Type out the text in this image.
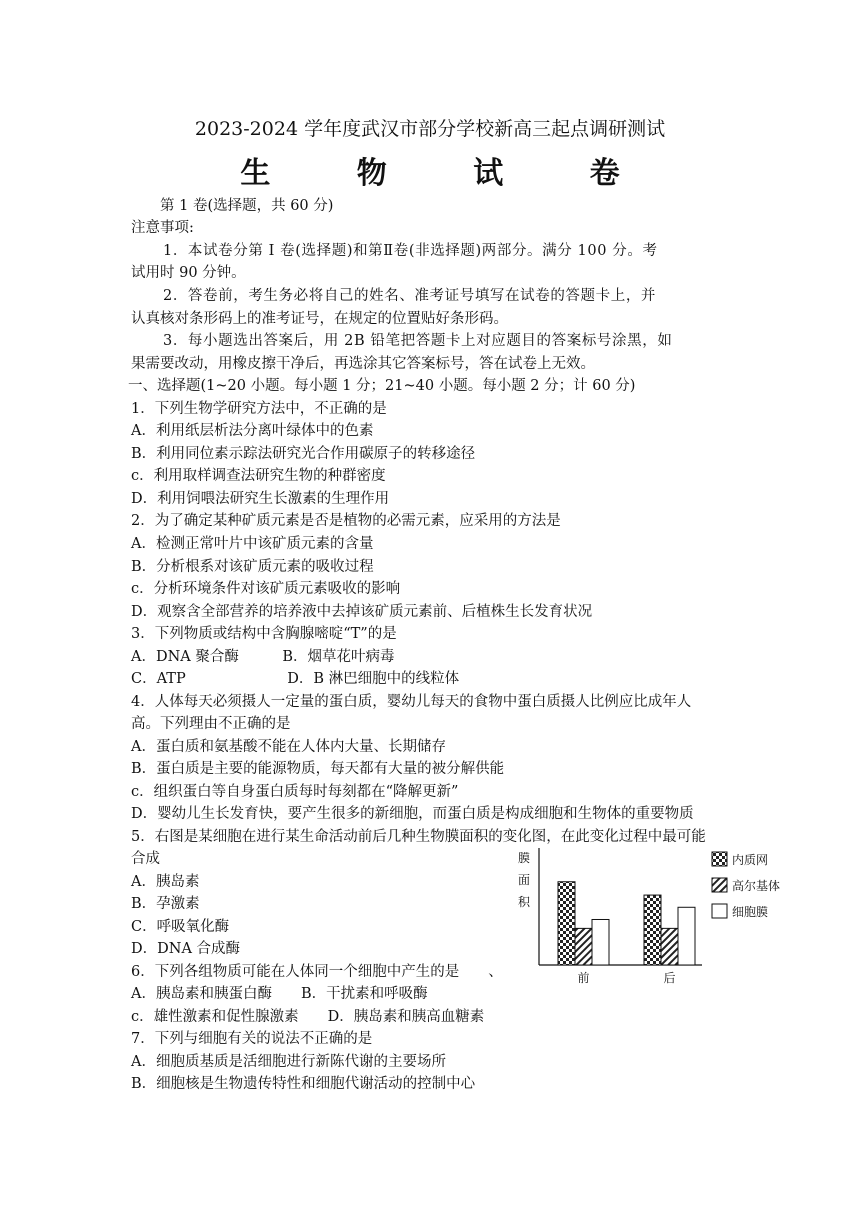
2023-2024 学年度武汉市部分学校新高三起点调研测试
生 物 试 卷
第 1 卷(选择题，共 60 分)
注意事项:
1．本试卷分第 I 卷(选择题)和第Ⅱ卷(非选择题)两部分。满分 100 分。考
试用时 90 分钟。
2．答卷前，考生务必将自己的姓名、准考证号填写在试卷的答题卡上，并
认真核对条形码上的准考证号，在规定的位置贴好条形码。
3．每小题选出答案后，用 2B 铅笔把答题卡上对应题目的答案标号涂黑，如
果需要改动，用橡皮擦干净后，再选涂其它答案标号，答在试卷上无效。
一、选择题(1~20 小题。每小题 1 分；21~40 小题。每小题 2 分；计 60 分)
1．下列生物学研究方法中，不正确的是
A．利用纸层析法分离叶绿体中的色素
B．利用同位素示踪法研究光合作用碳原子的转移途径
c．利用取样调查法研究生物的种群密度
D．利用饲喂法研究生长激素的生理作用
2．为了确定某种矿质元素是否是植物的必需元素，应采用的方法是
A．检测正常叶片中该矿质元素的含量
B．分析根系对该矿质元素的吸收过程
c．分析环境条件对该矿质元素吸收的影响
D．观察含全部营养的培养液中去掉该矿质元素前、后植株生长发育状况
3．下列物质或结构中含胸腺嘧啶“T”的是
A．DNA 聚合酶　　　B．烟草花叶病毒
C．ATP　　　　　　　D．B 淋巴细胞中的线粒体
4．人体每天必须摄人一定量的蛋白质，婴幼儿每天的食物中蛋白质摄人比例应比成年人
高。下列理由不正确的是
A．蛋白质和氨基酸不能在人体内大量、长期储存
B．蛋白质是主要的能源物质，每天都有大量的被分解供能
c．组织蛋白等自身蛋白质每时每刻都在“降解更新”
D．婴幼儿生长发育快，要产生很多的新细胞，而蛋白质是构成细胞和生物体的重要物质
5．右图是某细胞在进行某生命活动前后几种生物膜面积的变化图，在此变化过程中最可能
合成
A．胰岛素
B．孕激素
C．呼吸氧化酶
D．DNA 合成酶
6．下列各组物质可能在人体同一个细胞中产生的是　　、
A．胰岛素和胰蛋白酶　　B．干扰素和呼吸酶
c．雄性激素和促性腺激素　　D．胰岛素和胰高血糖素
7．下列与细胞有关的说法不正确的是
A．细胞质基质是活细胞进行新陈代谢的主要场所
B．细胞核是生物遗传特性和细胞代谢活动的控制中心
膜
面
积
前	后
内质网
高尔基体
细胞膜
